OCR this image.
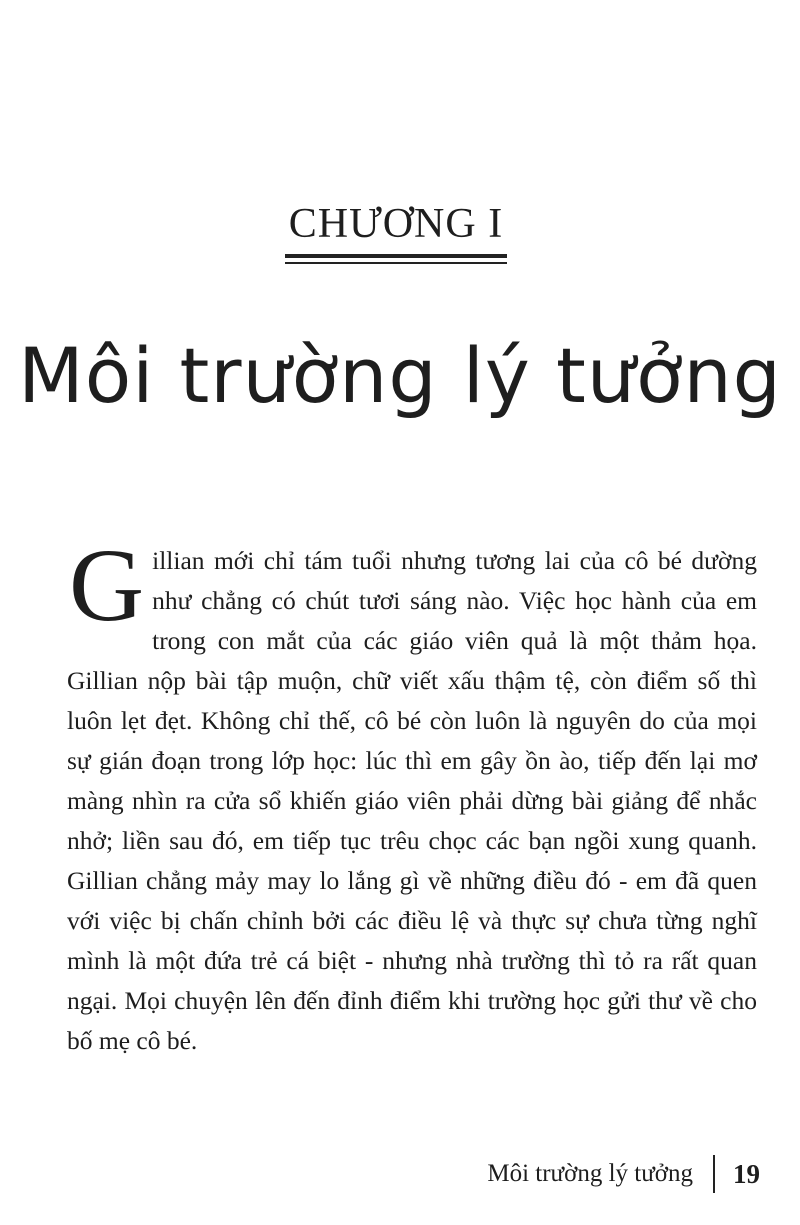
CHƯƠNG I
Môi trường lý tưởng

Gillian mới chỉ tám tuổi nhưng tương lai của cô bé dường như chẳng có chút tươi sáng nào. Việc học hành của em trong con mắt của các giáo viên quả là một thảm họa. Gillian nộp bài tập muộn, chữ viết xấu thậm tệ, còn điểm số thì luôn lẹt đẹt. Không chỉ thế, cô bé còn luôn là nguyên do của mọi sự gián đoạn trong lớp học: lúc thì em gây ồn ào, tiếp đến lại mơ màng nhìn ra cửa sổ khiến giáo viên phải dừng bài giảng để nhắc nhở; liền sau đó, em tiếp tục trêu chọc các bạn ngồi xung quanh. Gillian chẳng mảy may lo lắng gì về những điều đó - em đã quen với việc bị chấn chỉnh bởi các điều lệ và thực sự chưa từng nghĩ mình là một đứa trẻ cá biệt - nhưng nhà trường thì tỏ ra rất quan ngại. Mọi chuyện lên đến đỉnh điểm khi trường học gửi thư về cho bố mẹ cô bé.

Môi trường lý tưởng 19
